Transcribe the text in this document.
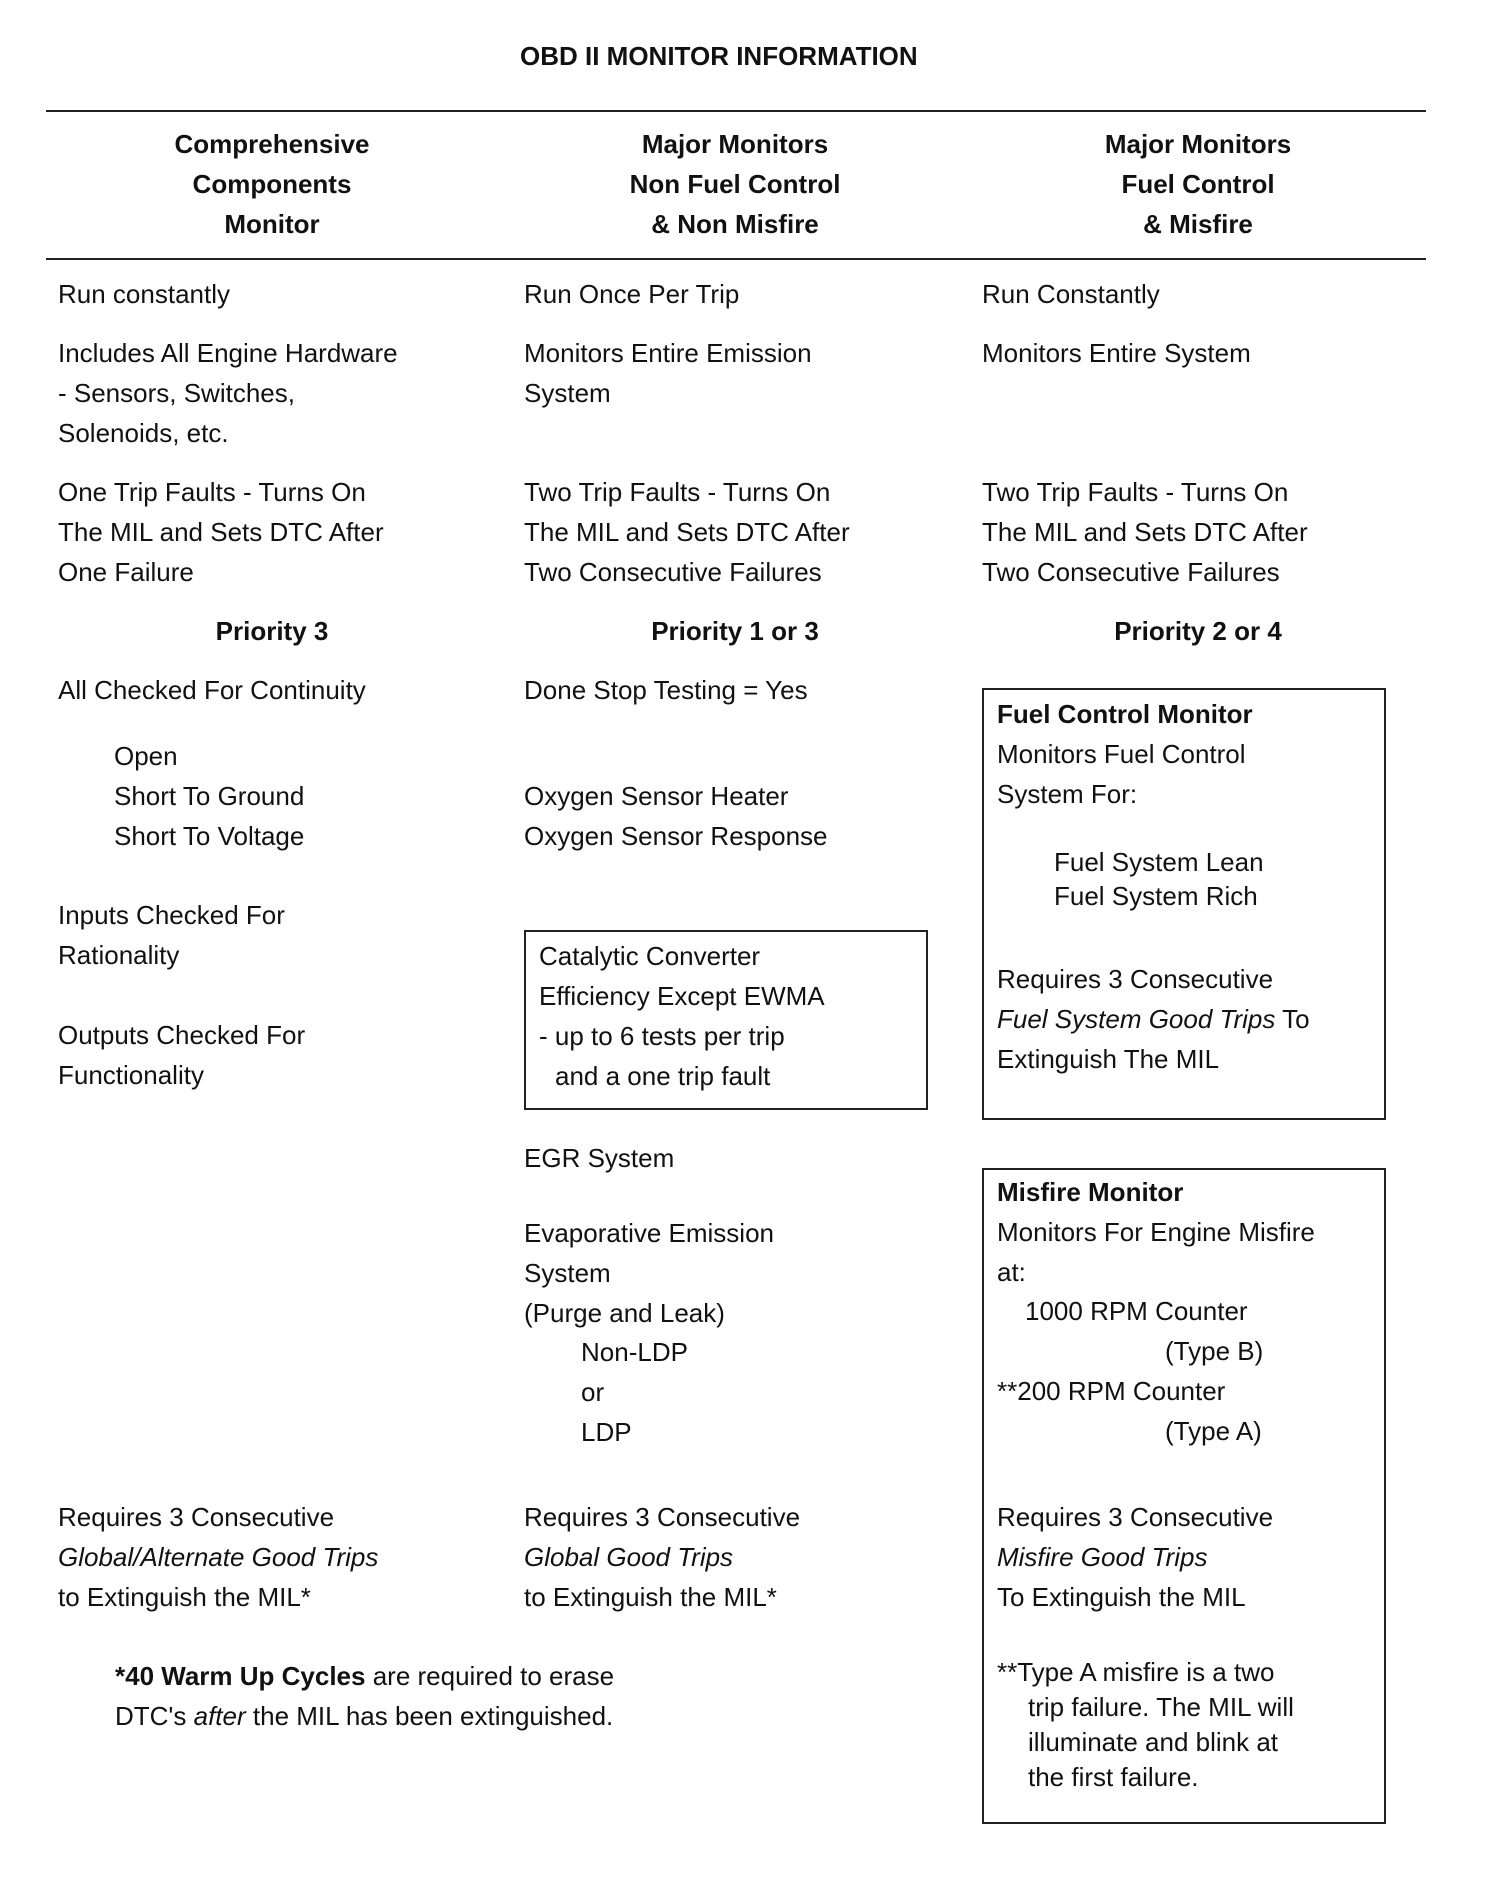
OBD II MONITOR INFORMATION
Comprehensive
Components
Monitor
Major Monitors
Non Fuel Control
& Non Misfire
Major Monitors
Fuel Control
& Misfire
Run constantly
Includes All Engine Hardware
- Sensors, Switches,
Solenoids, etc.
One Trip Faults - Turns On
The MIL and Sets DTC After
One Failure
Priority 3
All Checked For Continuity
Open
Short To Ground
Short To Voltage
Inputs Checked For
Rationality
Outputs Checked For
Functionality
Requires 3 Consecutive
Global/Alternate Good Trips
to Extinguish the MIL*
*40 Warm Up Cycles are required to erase
DTC's after the MIL has been extinguished.
Run Once Per Trip
Monitors Entire Emission
System
Two Trip Faults - Turns On
The MIL and Sets DTC After
Two Consecutive Failures
Priority 1 or 3
Done Stop Testing = Yes
Oxygen Sensor Heater
Oxygen Sensor Response
Catalytic Converter
Efficiency Except EWMA
- up to 6 tests per trip
and a one trip fault
EGR System
Evaporative Emission
System
(Purge and Leak)
Non-LDP
or
LDP
Requires 3 Consecutive
Global Good Trips
to Extinguish the MIL*
Run Constantly
Monitors Entire System
Two Trip Faults - Turns On
The MIL and Sets DTC After
Two Consecutive Failures
Priority 2 or 4
Fuel Control Monitor
Monitors Fuel Control
System For:
Fuel System Lean
Fuel System Rich
Requires 3 Consecutive
Fuel System Good Trips To
Extinguish The MIL
Misfire Monitor
Monitors For Engine Misfire
at:
1000 RPM Counter
(Type B)
**200 RPM Counter
(Type A)
Requires 3 Consecutive
Misfire Good Trips
To Extinguish the MIL
**Type A misfire is a two
trip failure. The MIL will
illuminate and blink at
the first failure.
